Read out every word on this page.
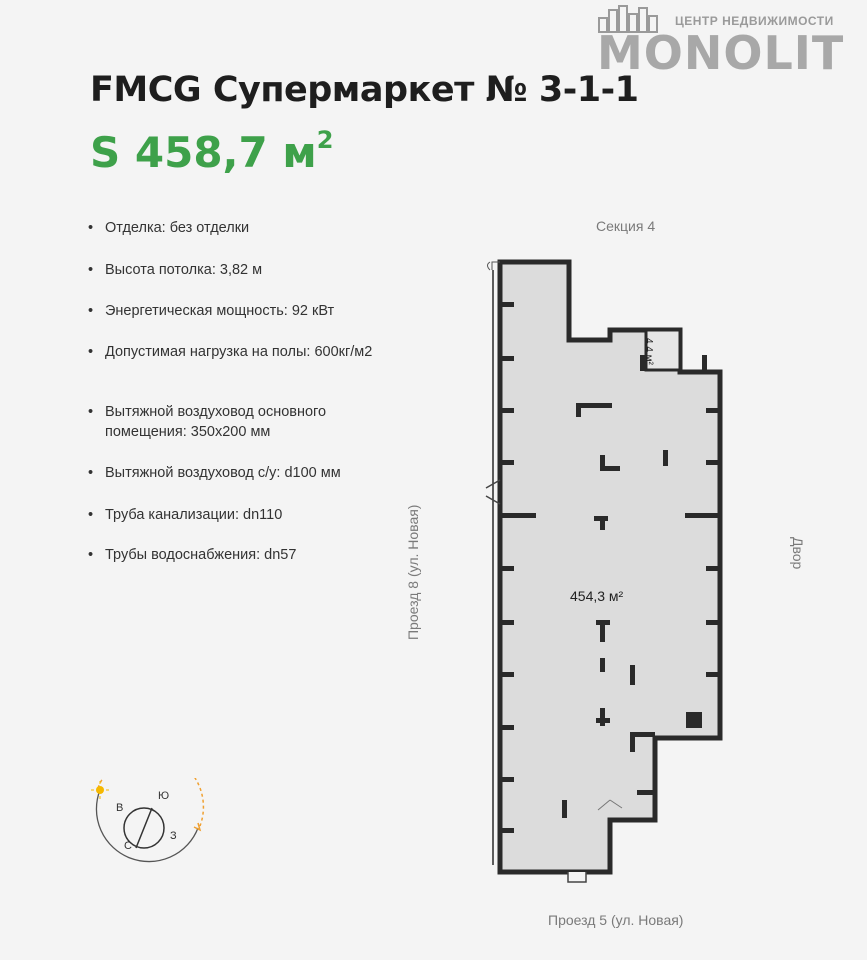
ЦЕНТР НЕДВИЖИМОСТИ
MONOLIT
FMCG Супермаркет № 3-1-1
S 458,7 $м^2$
• Отделка: без отделки
• Высота потолка: 3,82 м
• Энергетическая мощность: 92 кВт
• Допустимая нагрузка на полы: 600кг/м2
• Вытяжной воздуховод основного помещения: 350x200 мм
• Вытяжной воздуховод с/у: d100 мм
• Труба канализации: dn110
• Трубы водоснабжения: dn57
Секция 4
Проезд 8 (ул. Новая)	Двор
Проезд 5 (ул. Новая)
454,3 м²
4,4 м²
В
Ю
С
З
